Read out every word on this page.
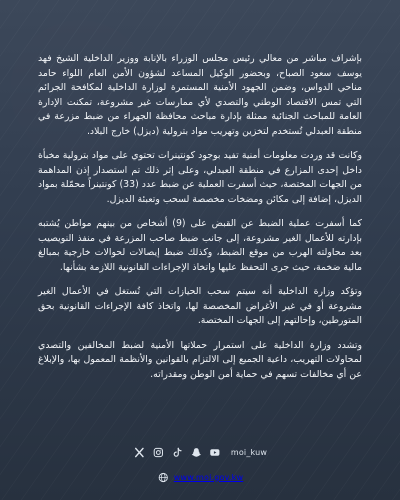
بإشراف مباشر من معالي رئيس مجلس الوزراء بالإنابة ووزير الداخلية الشيخ فهد يوسف سعود الصباح، وبحضور الوكيل المساعد لشؤون الأمن العام اللواء حامد مناحي الدواس، وضمن الجهود الأمنية المستمرة لوزارة الداخلية لمكافحة الجرائم التي تمس الاقتصاد الوطني والتصدي لأي ممارسات غير مشروعة، تمكنت الإدارة العامة للمباحث الجنائية ممثلة بإدارة مباحث محافظة الجهراء من ضبط مزرعة في منطقة العبدلي تُستخدم لتخزين وتهريب مواد بترولية (ديزل) خارج البلاد.

وكانت قد وردت معلومات أمنية تفيد بوجود كونتينرات تحتوي على مواد بترولية مخبأة داخل إحدى المزارع في منطقة العبدلي، وعلى إثر ذلك تم استصدار إذن المداهمة من الجهات المختصة، حيث أسفرت العملية عن ضبط عدد (33) كونتينراً محمّلة بمواد الديزل، إضافة إلى مكائن ومضخات مخصصة لسحب وتعبئة الديزل.

كما أسفرت عملية الضبط عن القبض على (9) أشخاص من بينهم مواطن يُشتبه بإدارته للأعمال الغير مشروعة، إلى جانب ضبط صاحب المزرعة في منفذ النويصيب بعد محاولته الهرب من موقع الضبط، وكذلك ضبط إيصالات لحوالات خارجية بمبالغ مالية ضخمة، حيث جرى التحفظ عليها واتخاذ الإجراءات القانونية اللازمة بشأنها.

وتؤكد وزارة الداخلية أنه سيتم سحب الحيازات التي تُستغل في الأعمال الغير مشروعة أو في غير الأغراض المخصصة لها، واتخاذ كافة الإجراءات القانونية بحق المتورطين، وإحالتهم إلى الجهات المختصة.

وتشدد وزارة الداخلية على استمرار حملاتها الأمنية لضبط المخالفين والتصدي لمحاولات التهريب، داعية الجميع إلى الالتزام بالقوانين والأنظمة المعمول بها، والإبلاغ عن أي مخالفات تسهم في حماية أمن الوطن ومقدراته.

moi_kuw
www.moi.gov.kw
